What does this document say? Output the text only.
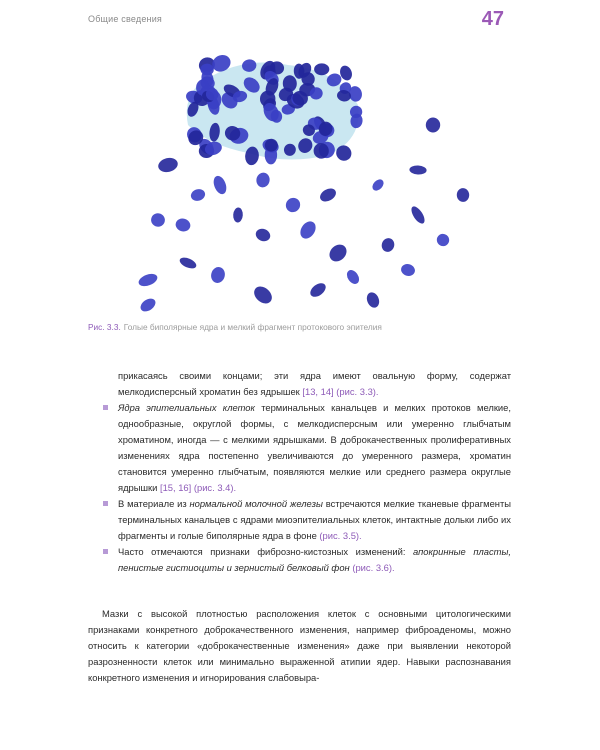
Общие сведения	47
Рис. 3.3. Голые биполярные ядра и мелкий фрагмент протокового эпителия

прикасаясь своими концами; эти ядра имеют овальную форму, содержат мелкодисперсный хроматин без ядрышек [13, 14] (рис. 3.3).

Ядра эпителиальных клеток терминальных канальцев и мелких протоков мелкие, однообразные, округлой формы, с мелкодисперсным или умеренно глыбчатым хроматином, иногда — с мелкими ядрышками. В доброкачественных пролиферативных изменениях ядра постепенно увеличиваются до умеренного размера, хроматин становится умеренно глыбчатым, появляются мелкие или среднего размера округлые ядрышки [15, 16] (рис. 3.4).
В материале из нормальной молочной железы встречаются мелкие тканевые фрагменты терминальных канальцев с ядрами миоэпителиальных клеток, интактные дольки либо их фрагменты и голые биполярные ядра в фоне (рис. 3.5).
Часто отмечаются признаки фиброзно-кистозных изменений: апокринные пласты, пенистые гистиоциты и зернистый белковый фон (рис. 3.6).

Мазки с высокой плотностью расположения клеток с основными цитологическими признаками конкретного доброкачественного изменения, например фиброаденомы, можно относить к категории «доброкачественные изменения» даже при выявлении некоторой разрозненности клеток или минимально выраженной атипии ядер. Навыки распознавания конкретного изменения и игнорирования слабовыра-
